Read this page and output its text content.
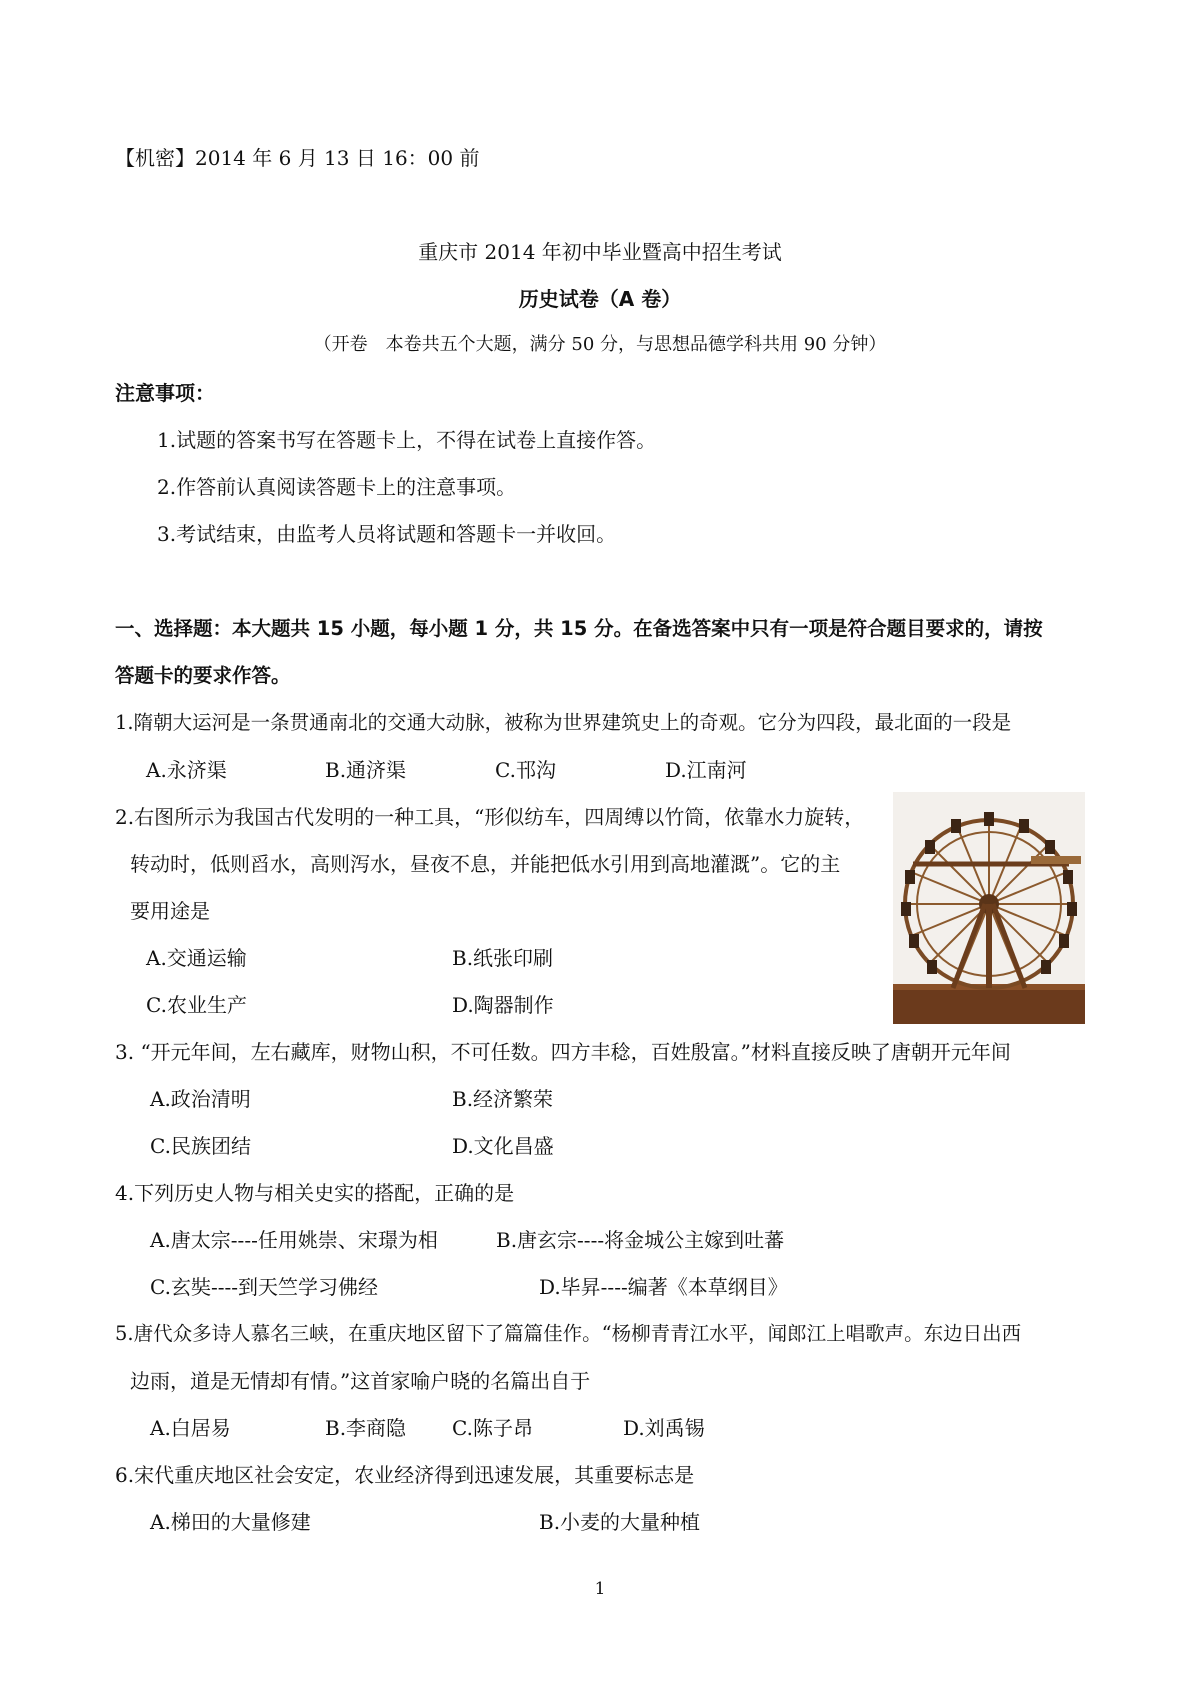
【机密】2014 年 6 月 13 日 16：00 前
重庆市 2014 年初中毕业暨高中招生考试
历史试卷（A 卷）
（开卷　本卷共五个大题，满分 50 分，与思想品德学科共用 90 分钟）
注意事项：
1.试题的答案书写在答题卡上，不得在试卷上直接作答。
2.作答前认真阅读答题卡上的注意事项。
3.考试结束，由监考人员将试题和答题卡一并收回。
一、选择题：本大题共 15 小题，每小题 1 分，共 15 分。在备选答案中只有一项是符合题目要求的，请按
答题卡的要求作答。
1.隋朝大运河是一条贯通南北的交通大动脉，被称为世界建筑史上的奇观。它分为四段，最北面的一段是
A.永济渠	B.通济渠	C.邗沟	D.江南河
2.右图所示为我国古代发明的一种工具，“形似纺车，四周缚以竹筒，依靠水力旋转，
转动时，低则舀水，高则泻水，昼夜不息，并能把低水引用到高地灌溉”。它的主
要用途是
A.交通运输	B.纸张印刷
C.农业生产	D.陶器制作
3. “开元年间，左右藏库，财物山积，不可任数。四方丰稔，百姓殷富。”材料直接反映了唐朝开元年间
A.政治清明	B.经济繁荣
C.民族团结	D.文化昌盛
4.下列历史人物与相关史实的搭配，正确的是
A.唐太宗----任用姚崇、宋璟为相	B.唐玄宗----将金城公主嫁到吐蕃
C.玄奘----到天竺学习佛经	D.毕昇----编著《本草纲目》
5.唐代众多诗人慕名三峡，在重庆地区留下了篇篇佳作。“杨柳青青江水平，闻郎江上唱歌声。东边日出西
边雨，道是无情却有情。”这首家喻户晓的名篇出自于
A.白居易	B.李商隐 C.陈子昂	D.刘禹锡
6.宋代重庆地区社会安定，农业经济得到迅速发展，其重要标志是
A.梯田的大量修建	B.小麦的大量种植
1
